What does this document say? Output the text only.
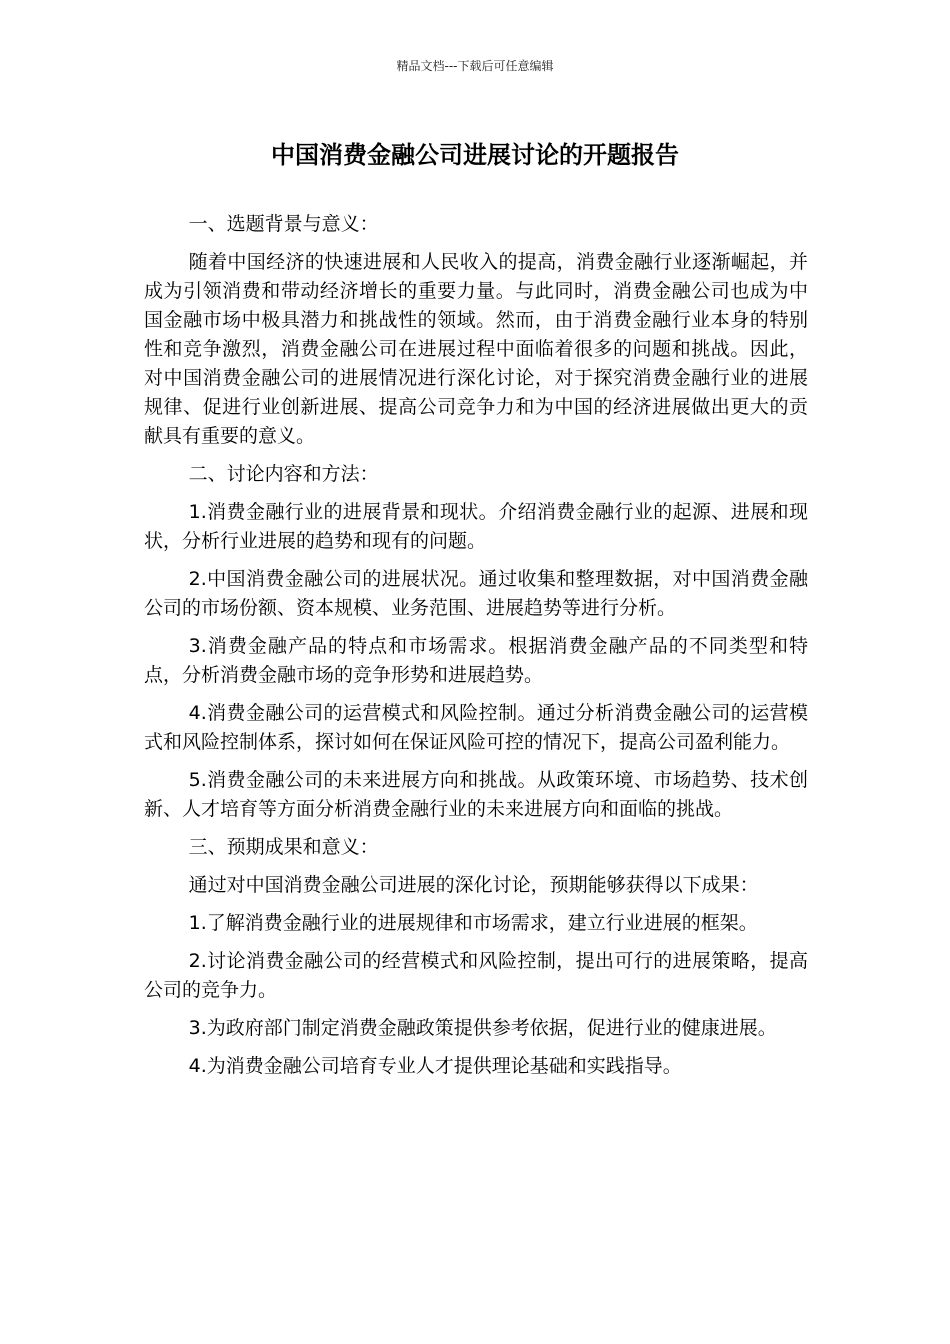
精品文档---下载后可任意编辑
中国消费金融公司进展讨论的开题报告

一、选题背景与意义：

随着中国经济的快速进展和人民收入的提高，消费金融行业逐渐崛起，并成为引领消费和带动经济增长的重要力量。与此同时，消费金融公司也成为中国金融市场中极具潜力和挑战性的领域。然而，由于消费金融行业本身的特别性和竞争激烈，消费金融公司在进展过程中面临着很多的问题和挑战。因此，对中国消费金融公司的进展情况进行深化讨论，对于探究消费金融行业的进展规律、促进行业创新进展、提高公司竞争力和为中国的经济进展做出更大的贡献具有重要的意义。

二、讨论内容和方法：

1.消费金融行业的进展背景和现状。介绍消费金融行业的起源、进展和现状，分析行业进展的趋势和现有的问题。

2.中国消费金融公司的进展状况。通过收集和整理数据，对中国消费金融公司的市场份额、资本规模、业务范围、进展趋势等进行分析。

3.消费金融产品的特点和市场需求。根据消费金融产品的不同类型和特点，分析消费金融市场的竞争形势和进展趋势。

4.消费金融公司的运营模式和风险控制。通过分析消费金融公司的运营模式和风险控制体系，探讨如何在保证风险可控的情况下，提高公司盈利能力。

5.消费金融公司的未来进展方向和挑战。从政策环境、市场趋势、技术创新、人才培育等方面分析消费金融行业的未来进展方向和面临的挑战。

三、预期成果和意义：

通过对中国消费金融公司进展的深化讨论，预期能够获得以下成果：

1.了解消费金融行业的进展规律和市场需求，建立行业进展的框架。

2.讨论消费金融公司的经营模式和风险控制，提出可行的进展策略，提高公司的竞争力。

3.为政府部门制定消费金融政策提供参考依据，促进行业的健康进展。

4.为消费金融公司培育专业人才提供理论基础和实践指导。
